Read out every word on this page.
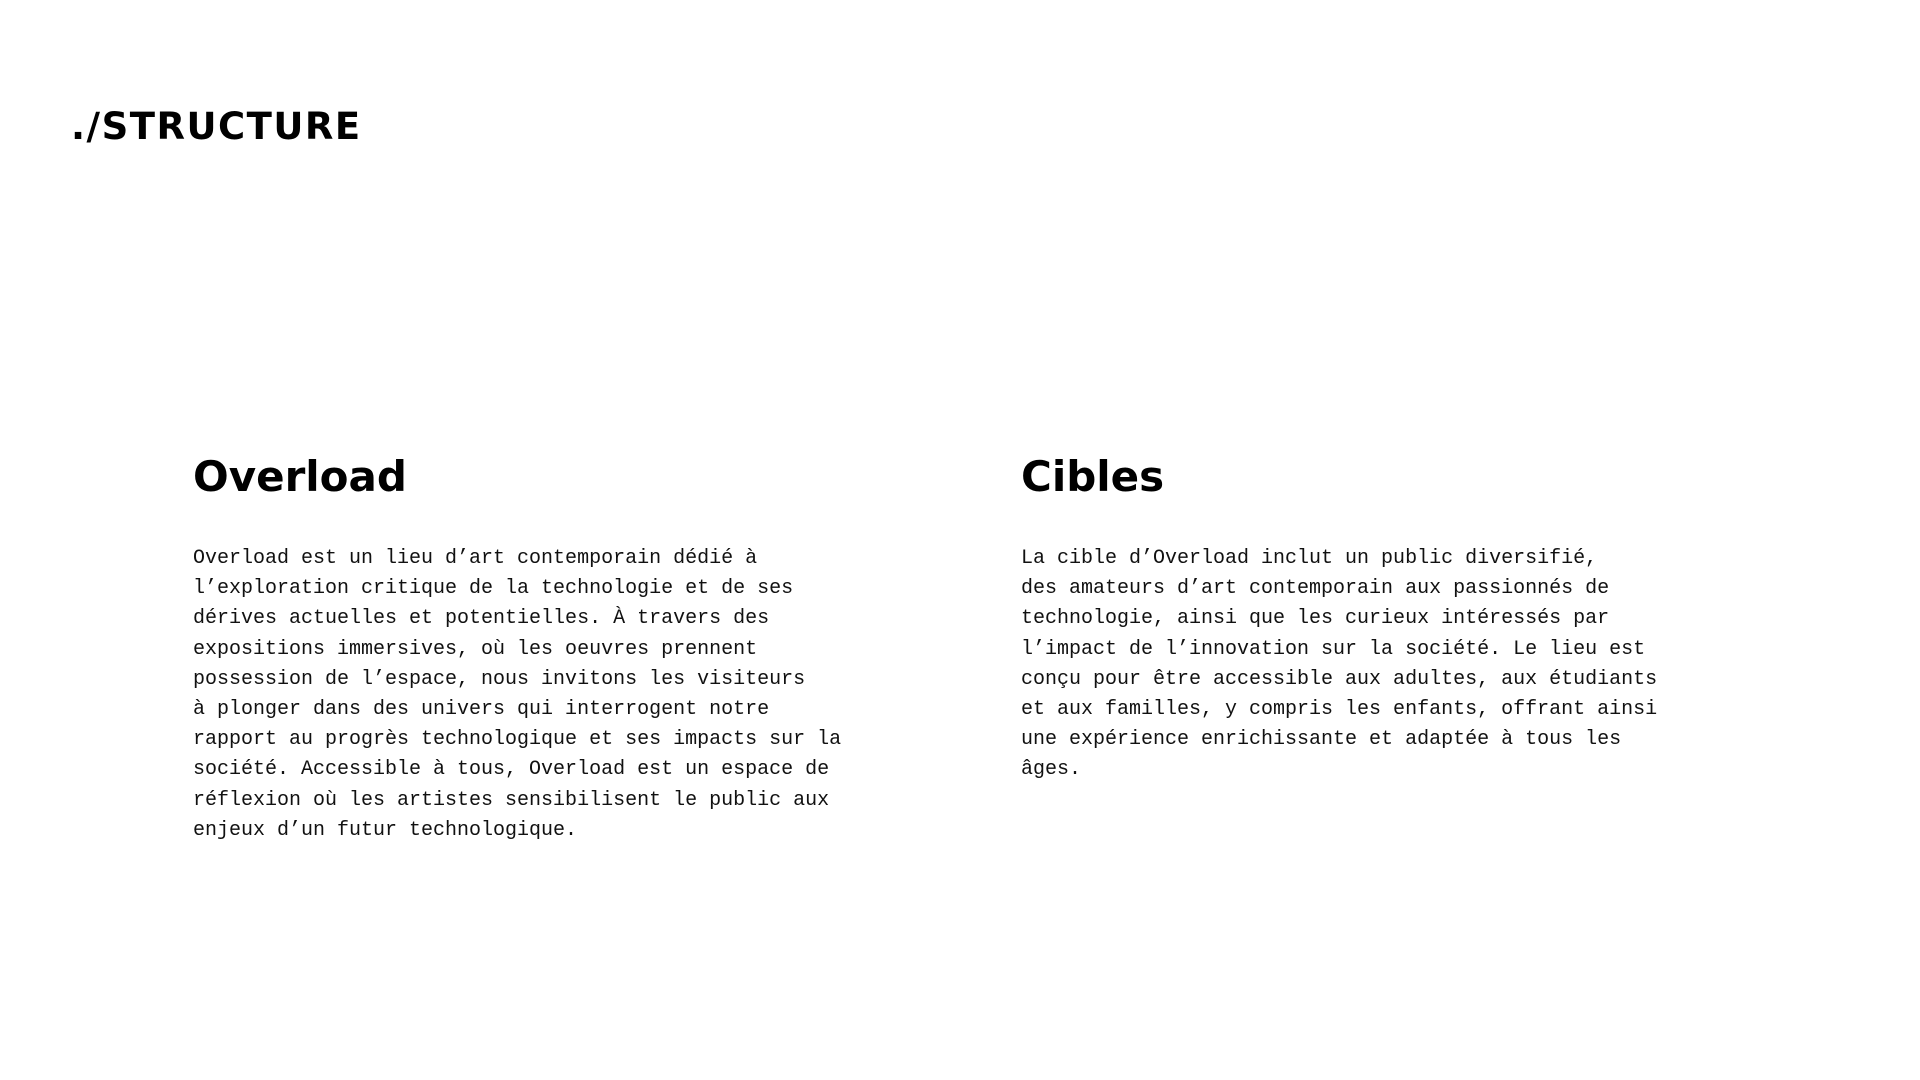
./STRUCTURE
Overload

Overload est un lieu d’art contemporain dédié à
l’exploration critique de la technologie et de ses
dérives actuelles et potentielles. À travers des
expositions immersives, où les oeuvres prennent
possession de l’espace, nous invitons les visiteurs
à plonger dans des univers qui interrogent notre
rapport au progrès technologique et ses impacts sur la
société. Accessible à tous, Overload est un espace de
réflexion où les artistes sensibilisent le public aux
enjeux d’un futur technologique.

Cibles

La cible d’Overload inclut un public diversifié,
des amateurs d’art contemporain aux passionnés de
technologie, ainsi que les curieux intéressés par
l’impact de l’innovation sur la société. Le lieu est
conçu pour être accessible aux adultes, aux étudiants
et aux familles, y compris les enfants, offrant ainsi
une expérience enrichissante et adaptée à tous les
âges.
